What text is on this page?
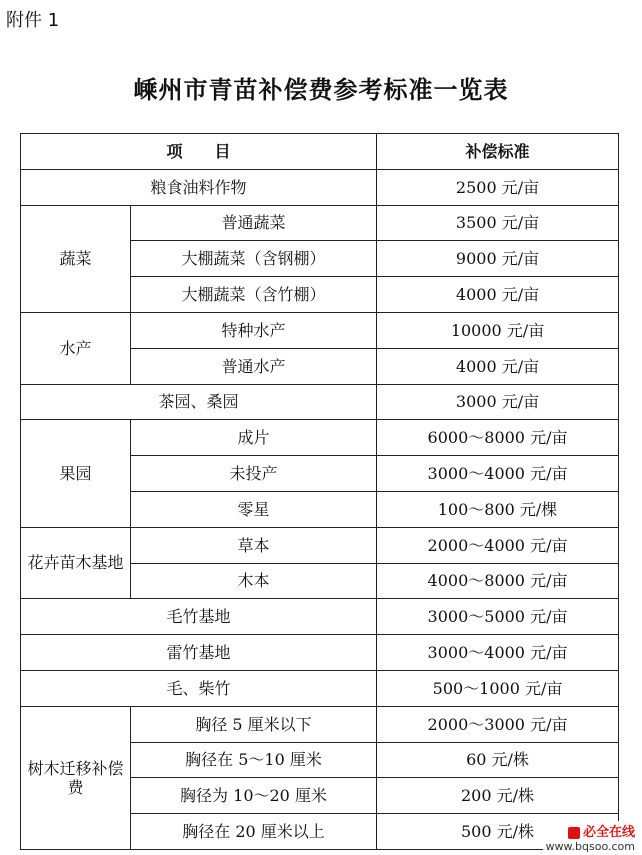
附件 1
嵊州市青苗补偿费参考标准一览表
项　　目		补偿标准
粮食油料作物		2500 元/亩
蔬菜	普通蔬菜	3500 元/亩
	大棚蔬菜（含钢棚）	9000 元/亩
	大棚蔬菜（含竹棚）	4000 元/亩
水产	特种水产	10000 元/亩
	普通水产	4000 元/亩
茶园、桑园		3000 元/亩
果园	成片	6000～8000 元/亩
	未投产	3000～4000 元/亩
	零星	100～800 元/棵
花卉苗木基地	草本	2000～4000 元/亩
	木本	4000～8000 元/亩
毛竹基地		3000～5000 元/亩
雷竹基地		3000～4000 元/亩
毛、柴竹		500～1000 元/亩
树木迁移补偿费	胸径 5 厘米以下	2000～3000 元/亩
	胸径在 5～10 厘米	60 元/株
	胸径为 10～20 厘米	200 元/株
	胸径在 20 厘米以上	500 元/株	必全在线
www.bqsoo.com
